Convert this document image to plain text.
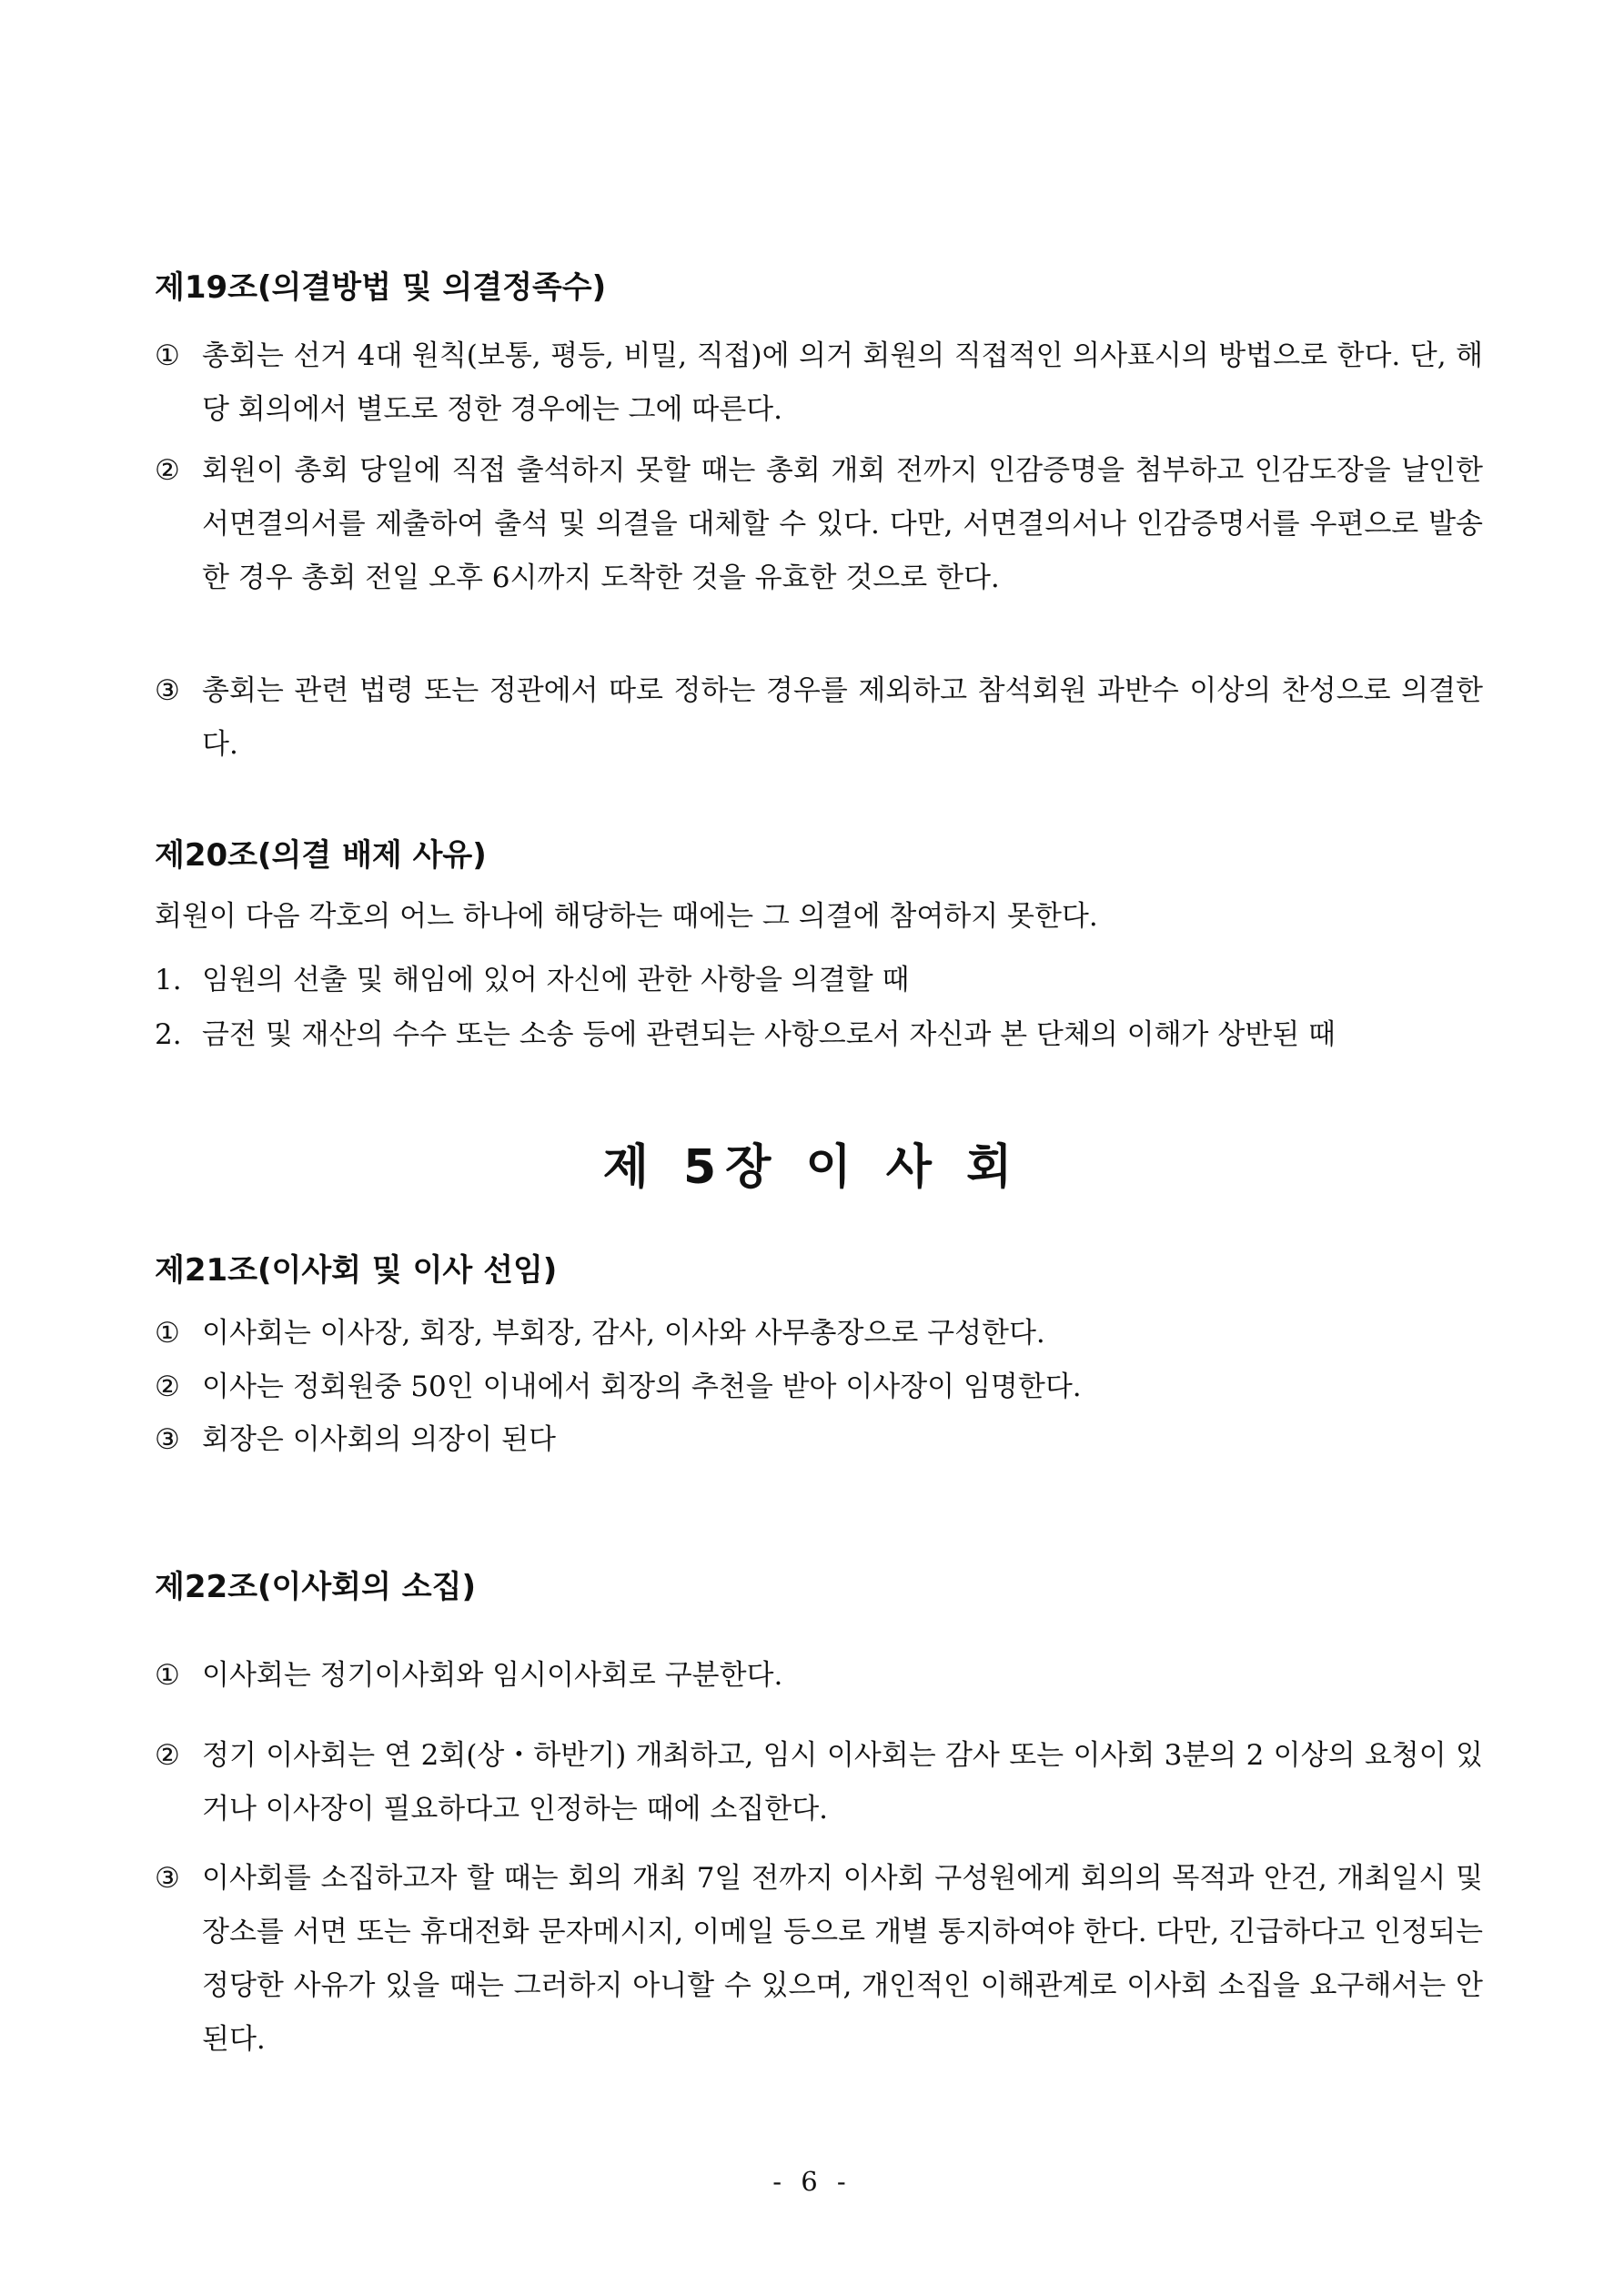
제19조(의결방법 및 의결정족수)
① 총회는 선거 4대 원칙(보통, 평등, 비밀, 직접)에 의거 회원의 직접적인 의사표시의 방법으로 한다. 단, 해당 회의에서 별도로 정한 경우에는 그에 따른다.
② 회원이 총회 당일에 직접 출석하지 못할 때는 총회 개회 전까지 인감증명을 첨부하고 인감도장을 날인한 서면결의서를 제출하여 출석 및 의결을 대체할 수 있다. 다만, 서면결의서나 인감증명서를 우편으로 발송한 경우 총회 전일 오후 6시까지 도착한 것을 유효한 것으로 한다.
③ 총회는 관련 법령 또는 정관에서 따로 정하는 경우를 제외하고 참석회원 과반수 이상의 찬성으로 의결한다.
제20조(의결 배제 사유)
회원이 다음 각호의 어느 하나에 해당하는 때에는 그 의결에 참여하지 못한다.
1. 임원의 선출 및 해임에 있어 자신에 관한 사항을 의결할 때
2. 금전 및 재산의 수수 또는 소송 등에 관련되는 사항으로서 자신과 본 단체의 이해가 상반된 때
제 5장 이 사 회
제21조(이사회 및 이사 선임)
① 이사회는 이사장, 회장, 부회장, 감사, 이사와 사무총장으로 구성한다.
② 이사는 정회원중 50인 이내에서 회장의 추천을 받아 이사장이 임명한다.
③ 회장은 이사회의 의장이 된다
제22조(이사회의 소집)
① 이사회는 정기이사회와 임시이사회로 구분한다.
② 정기 이사회는 연 2회(상・하반기) 개최하고, 임시 이사회는 감사 또는 이사회 3분의 2 이상의 요청이 있거나 이사장이 필요하다고 인정하는 때에 소집한다.
③ 이사회를 소집하고자 할 때는 회의 개최 7일 전까지 이사회 구성원에게 회의의 목적과 안건, 개최일시 및 장소를 서면 또는 휴대전화 문자메시지, 이메일 등으로 개별 통지하여야 한다. 다만, 긴급하다고 인정되는 정당한 사유가 있을 때는 그러하지 아니할 수 있으며, 개인적인 이해관계로 이사회 소집을 요구해서는 안 된다.
- 6 -
